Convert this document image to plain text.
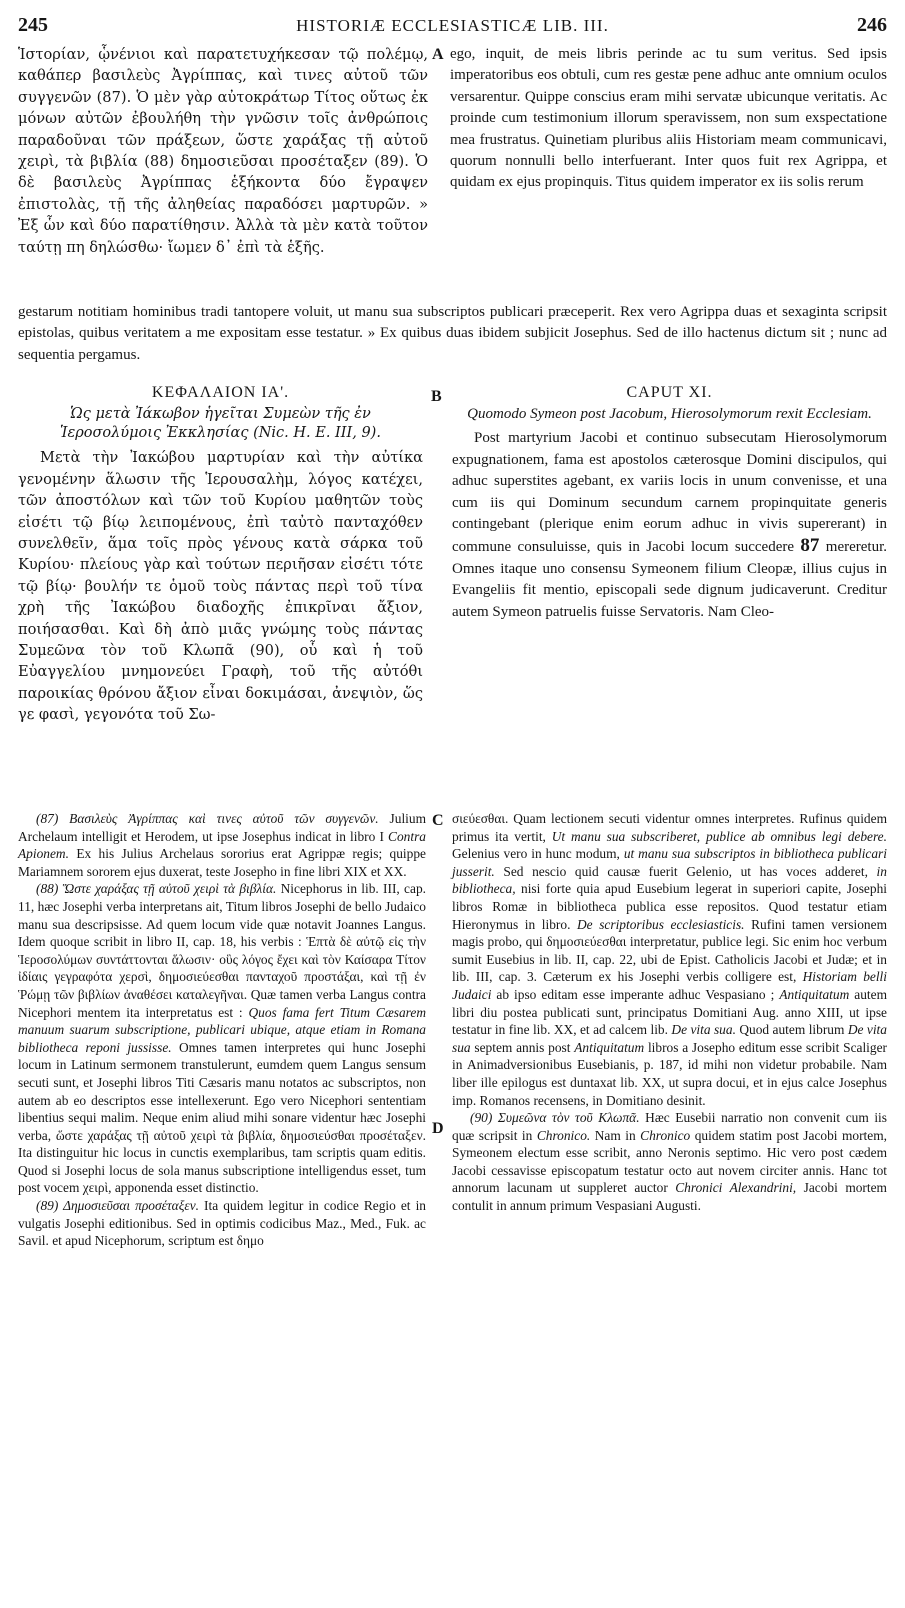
245	HISTORIÆ ECCLESIASTICÆ LIB. III.	246

Ἱστορίαν, ᾧνένιοι καὶ παρατετυχήκεσαν τῷ πολέμῳ, καθάπερ βασιλεὺς Ἀγρίππας, καὶ τινες αὐτοῦ τῶν συγγενῶν (87). Ὁ μὲν γὰρ αὐτοκράτωρ Τίτος οὕτως ἐκ μόνων αὐτῶν ἐβουλήθη τὴν γνῶσιν τοῖς ἀνθρώποις παραδοῦναι τῶν πράξεων, ὥστε χαράξας τῇ αὐτοῦ χειρὶ, τὰ βιβλία (88) δημοσιεῦσαι προσέταξεν (89). Ὁ δὲ βασιλεὺς Ἀγρίππας ἑξήκοντα δύο ἔγραψεν ἐπιστολὰς, τῇ τῆς ἀληθείας παραδόσει μαρτυρῶν. » Ἐξ ὧν καὶ δύο παρατίθησιν. Ἀλλὰ τὰ μὲν κατὰ τοῦτον ταύτῃ πη δηλώσθω· ἴωμεν δ᾽ ἐπὶ τὰ ἑξῆς.

A ego, inquit, de meis libris perinde ac tu sum veritus. Sed ipsis imperatoribus eos obtuli, cum res gestæ pene adhuc ante omnium oculos versarentur. Quippe conscius eram mihi servatæ ubicunque veritatis. Ac proinde cum testimonium illorum speravissem, non sum exspectatione mea frustratus. Quinetiam pluribus aliis Historiam meam communicavi, quorum nonnulli bello interfuerant. Inter quos fuit rex Agrippa, et quidam ex ejus propinquis. Titus quidem imperator ex iis solis rerum

gestarum notitiam hominibus tradi tantopere voluit, ut manu sua subscriptos publicari præceperit. Rex vero Agrippa duas et sexaginta scripsit epistolas, quibus veritatem a me expositam esse testatur. » Ex quibus duas ibidem subjicit Josephus. Sed de illo hactenus dictum sit ; nunc ad sequentia pergamus.

B
ΚΕΦΑΛΑΙΟΝ ΙΑ'.
Ὡς μετὰ Ἰάκωβον ἡγεῖται Συμεὼν τῆς ἐν Ἱεροσολύμοις Ἐκκλησίας (Nic. H. E. III, 9).

Μετὰ τὴν Ἰακώβου μαρτυρίαν καὶ τὴν αὐτίκα γενομένην ἅλωσιν τῆς Ἱερουσαλὴμ, λόγος κατέχει, τῶν ἀποστόλων καὶ τῶν τοῦ Κυρίου μαθητῶν τοὺς εἰσέτι τῷ βίῳ λειπομένους, ἐπὶ ταὐτὸ πανταχόθεν συνελθεῖν, ἅμα τοῖς πρὸς γένους κατὰ σάρκα τοῦ Κυρίου· πλείους γὰρ καὶ τούτων περιῆσαν εἰσέτι τότε τῷ βίῳ· βουλήν τε ὁμοῦ τοὺς πάντας περὶ τοῦ τίνα χρὴ τῆς Ἰακώβου διαδοχῆς ἐπικρῖναι ἄξιον, ποιήσασθαι. Καὶ δὴ ἀπὸ μιᾶς γνώμης τοὺς πάντας Συμεῶνα τὸν τοῦ Κλωπᾶ (90), οὗ καὶ ἡ τοῦ Εὐαγγελίου μνημονεύει Γραφὴ, τοῦ τῆς αὐτόθι παροικίας θρόνου ἄξιον εἶναι δοκιμάσαι, ἀνεψιὸν, ὥς γε φασὶ, γεγονότα τοῦ Σω-

CAPUT XI.
Quomodo Symeon post Jacobum, Hierosolymorum rexit Ecclesiam.

Post martyrium Jacobi et continuo subsecutam Hierosolymorum expugnationem, fama est apostolos cæterosque Domini discipulos, qui adhuc superstites agebant, ex variis locis in unum convenisse, et una cum iis qui Dominum secundum carnem propinquitate generis contingebant (plerique enim eorum adhuc in vivis supererant) in commune consuluisse, quis in Jacobi locum succedere 87 mereretur. Omnes itaque uno consensu Symeonem filium Cleopæ, illius cujus in Evangeliis fit mentio, episcopali sede dignum judicaverunt. Creditur autem Symeon patruelis fuisse Servatoris. Nam Cleo-

C
D

(87) Βασιλεὺς Ἀγρίππας καὶ τινες αὐτοῦ τῶν συγγενῶν. Julium Archelaum intelligit et Herodem, ut ipse Josephus indicat in libro I Contra Apionem. Ex his Julius Archelaus sororius erat Agrippæ regis; quippe Mariamnem sororem ejus duxerat, teste Josepho in fine libri XIX et XX.

(88) Ὥστε χαράξας τῇ αὐτοῦ χειρὶ τὰ βιβλία. Nicephorus in lib. III, cap. 11, hæc Josephi verba interpretans ait, Titum libros Josephi de bello Judaico manu sua descripsisse. Ad quem locum vide quæ notavit Joannes Langus. Idem quoque scribit in libro II, cap. 18, his verbis : Ἑπτὰ δὲ αὐτῷ εἰς τὴν Ἱεροσολύμων συντάττονται ἅλωσιν· οὓς λόγος ἔχει καὶ τὸν Καίσαρα Τίτον ἰδίαις γεγραφότα χερσὶ, δημοσιεύεσθαι πανταχοῦ προστάξαι, καὶ τῇ ἐν Ῥώμῃ τῶν βιβλίων ἀναθέσει καταλεγῆναι. Quæ tamen verba Langus contra Nicephori mentem ita interpretatus est : Quos fama fert Titum Cæsarem manuum suarum subscriptione, publicari ubique, atque etiam in Romana bibliotheca reponi jussisse. Omnes tamen interpretes qui hunc Josephi locum in Latinum sermonem transtulerunt, eumdem quem Langus sensum secuti sunt, et Josephi libros Titi Cæsaris manu notatos ac subscriptos, non autem ab eo descriptos esse intellexerunt. Ego vero Nicephori sententiam libentius sequi malim. Neque enim aliud mihi sonare videntur hæc Josephi verba, ὥστε χαράξας τῇ αὐτοῦ χειρὶ τὰ βιβλία, δημοσιεύσθαι προσέταξεν. Ita distinguitur hic locus in cunctis exemplaribus, tam scriptis quam editis. Quod si Josephi locus de sola manus subscriptione intelligendus esset, tum post vocem χειρὶ, apponenda esset distinctio.

(89) Δημοσιεῦσαι προσέταξεν. Ita quidem legitur in codice Regio et in vulgatis Josephi editionibus. Sed in optimis codicibus Maz., Med., Fuk. ac Savil. et apud Nicephorum, scriptum est δημο

σιεύεσθαι. Quam lectionem secuti videntur omnes interpretes. Rufinus quidem primus ita vertit, Ut manu sua subscriberet, publice ab omnibus legi debere. Gelenius vero in hunc modum, ut manu sua subscriptos in bibliotheca publicari jusserit. Sed nescio quid causæ fuerit Gelenio, ut has voces adderet, in bibliotheca, nisi forte quia apud Eusebium legerat in superiori capite, Josephi libros Romæ in bibliotheca publica esse repositos. Quod testatur etiam Hieronymus in libro. De scriptoribus ecclesiasticis. Rufini tamen versionem magis probo, qui δημοσιεύεσθαι interpretatur, publice legi. Sic enim hoc verbum sumit Eusebius in lib. II, cap. 22, ubi de Epist. Catholicis Jacobi et Judæ; et in lib. III, cap. 3. Cæterum ex his Josephi verbis colligere est, Historiam belli Judaici ab ipso editam esse imperante adhuc Vespasiano ; Antiquitatum autem libri diu postea publicati sunt, principatus Domitiani Aug. anno XIII, ut ipse testatur in fine lib. XX, et ad calcem lib. De vita sua. Quod autem librum De vita sua septem annis post Antiquitatum libros a Josepho editum esse scribit Scaliger in Animadversionibus Eusebianis, p. 187, id mihi non videtur probabile. Nam liber ille epilogus est duntaxat lib. XX, ut supra docui, et in ejus calce Josephus imp. Romanos recensens, in Domitiano desinit.

(90) Συμεῶνα τὸν τοῦ Κλωπᾶ. Hæc Eusebii narratio non convenit cum iis quæ scripsit in Chronico. Nam in Chronico quidem statim post Jacobi mortem, Symeonem electum esse scribit, anno Neronis septimo. Hic vero post cædem Jacobi cessavisse episcopatum testatur octo aut novem circiter annis. Hanc tot annorum lacunam ut suppleret auctor Chronici Alexandrini, Jacobi mortem contulit in annum primum Vespasiani Augusti.
